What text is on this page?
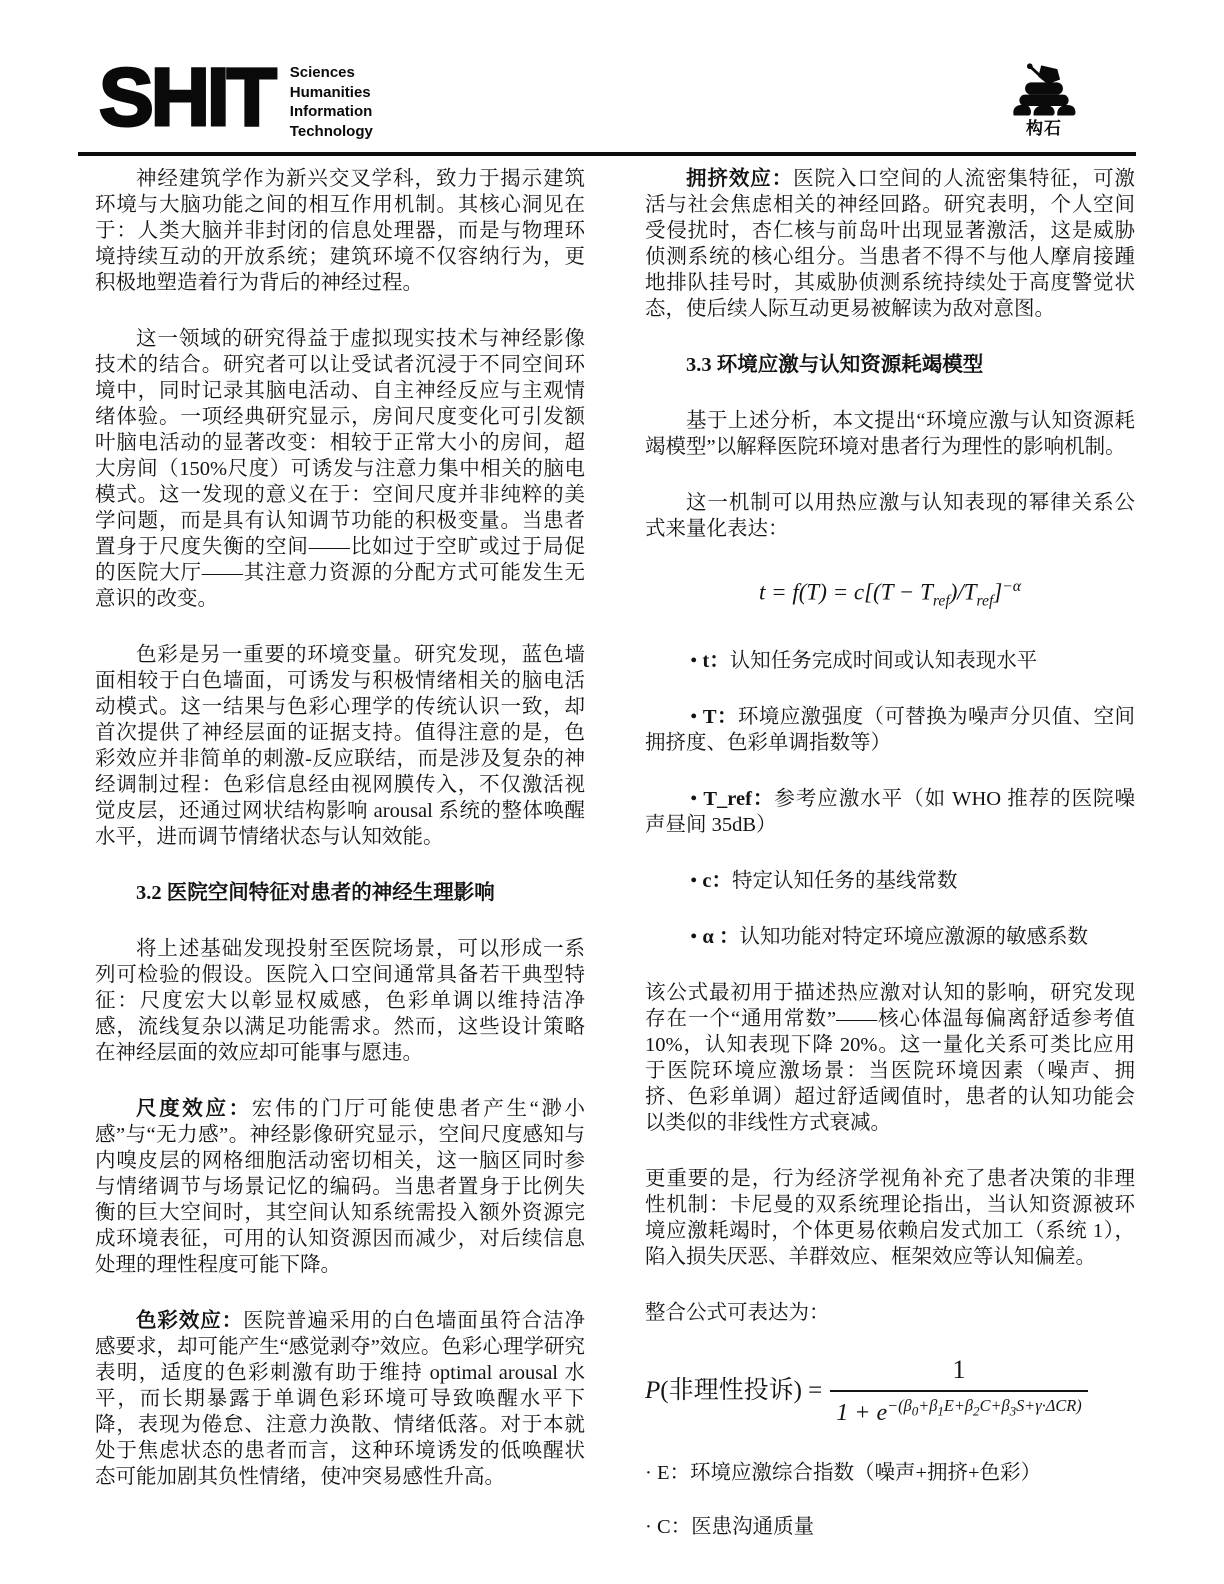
SHIT Sciences
Humanities
Information
Technology	构石

神经建筑学作为新兴交叉学科，致力于揭示建筑环境与大脑功能之间的相互作用机制。其核心洞见在于：人类大脑并非封闭的信息处理器，而是与物理环境持续互动的开放系统；建筑环境不仅容纳行为，更积极地塑造着行为背后的神经过程。

这一领域的研究得益于虚拟现实技术与神经影像技术的结合。研究者可以让受试者沉浸于不同空间环境中，同时记录其脑电活动、自主神经反应与主观情绪体验。一项经典研究显示，房间尺度变化可引发额叶脑电活动的显著改变：相较于正常大小的房间，超大房间（150%尺度）可诱发与注意力集中相关的脑电模式。这一发现的意义在于：空间尺度并非纯粹的美学问题，而是具有认知调节功能的积极变量。当患者置身于尺度失衡的空间——比如过于空旷或过于局促的医院大厅——其注意力资源的分配方式可能发生无意识的改变。

色彩是另一重要的环境变量。研究发现，蓝色墙面相较于白色墙面，可诱发与积极情绪相关的脑电活动模式。这一结果与色彩心理学的传统认识一致，却首次提供了神经层面的证据支持。值得注意的是，色彩效应并非简单的刺激-反应联结，而是涉及复杂的神经调制过程：色彩信息经由视网膜传入，不仅激活视觉皮层，还通过网状结构影响 arousal 系统的整体唤醒水平，进而调节情绪状态与认知效能。

3.2 医院空间特征对患者的神经生理影响

将上述基础发现投射至医院场景，可以形成一系列可检验的假设。医院入口空间通常具备若干典型特征：尺度宏大以彰显权威感，色彩单调以维持洁净感，流线复杂以满足功能需求。然而，这些设计策略在神经层面的效应却可能事与愿违。

尺度效应：宏伟的门厅可能使患者产生“渺小感”与“无力感”。神经影像研究显示，空间尺度感知与内嗅皮层的网格细胞活动密切相关，这一脑区同时参与情绪调节与场景记忆的编码。当患者置身于比例失衡的巨大空间时，其空间认知系统需投入额外资源完成环境表征，可用的认知资源因而减少，对后续信息处理的理性程度可能下降。

色彩效应：医院普遍采用的白色墙面虽符合洁净感要求，却可能产生“感觉剥夺”效应。色彩心理学研究表明，适度的色彩刺激有助于维持 optimal arousal 水平，而长期暴露于单调色彩环境可导致唤醒水平下降，表现为倦怠、注意力涣散、情绪低落。对于本就处于焦虑状态的患者而言，这种环境诱发的低唤醒状态可能加剧其负性情绪，使冲突易感性升高。

拥挤效应：医院入口空间的人流密集特征，可激活与社会焦虑相关的神经回路。研究表明，个人空间受侵扰时，杏仁核与前岛叶出现显著激活，这是威胁侦测系统的核心组分。当患者不得不与他人摩肩接踵地排队挂号时，其威胁侦测系统持续处于高度警觉状态，使后续人际互动更易被解读为敌对意图。

3.3 环境应激与认知资源耗竭模型

基于上述分析，本文提出“环境应激与认知资源耗竭模型”以解释医院环境对患者行为理性的影响机制。

这一机制可以用热应激与认知表现的幂律关系公式来量化表达：

$t = f(T) = c[(T - T_{ref})/T_{ref}]^{-\alpha}$

• t：认知任务完成时间或认知表现水平

• T：环境应激强度（可替换为噪声分贝值、空间拥挤度、色彩单调指数等）

• T_ref：参考应激水平（如 WHO 推荐的医院噪声昼间 35dB）

• c：特定认知任务的基线常数

• α ：认知功能对特定环境应激源的敏感系数

该公式最初用于描述热应激对认知的影响，研究发现存在一个“通用常数”——核心体温每偏离舒适参考值 10%，认知表现下降 20%。这一量化关系可类比应用于医院环境应激场景：当医院环境因素（噪声、拥挤、色彩单调）超过舒适阈值时，患者的认知功能会以类似的非线性方式衰减。

更重要的是，行为经济学视角补充了患者决策的非理性机制：卡尼曼的双系统理论指出，当认知资源被环境应激耗竭时，个体更易依赖启发式加工（系统 1），陷入损失厌恶、羊群效应、框架效应等认知偏差。

整合公式可表达为：

P(非理性投诉) = $\frac{1}{1 + e^{-(\beta_0+\beta_1E+\beta_2C+\beta_3S+\gamma\cdot\Delta CR)}}$

· E：环境应激综合指数（噪声+拥挤+色彩）

· C：医患沟通质量
